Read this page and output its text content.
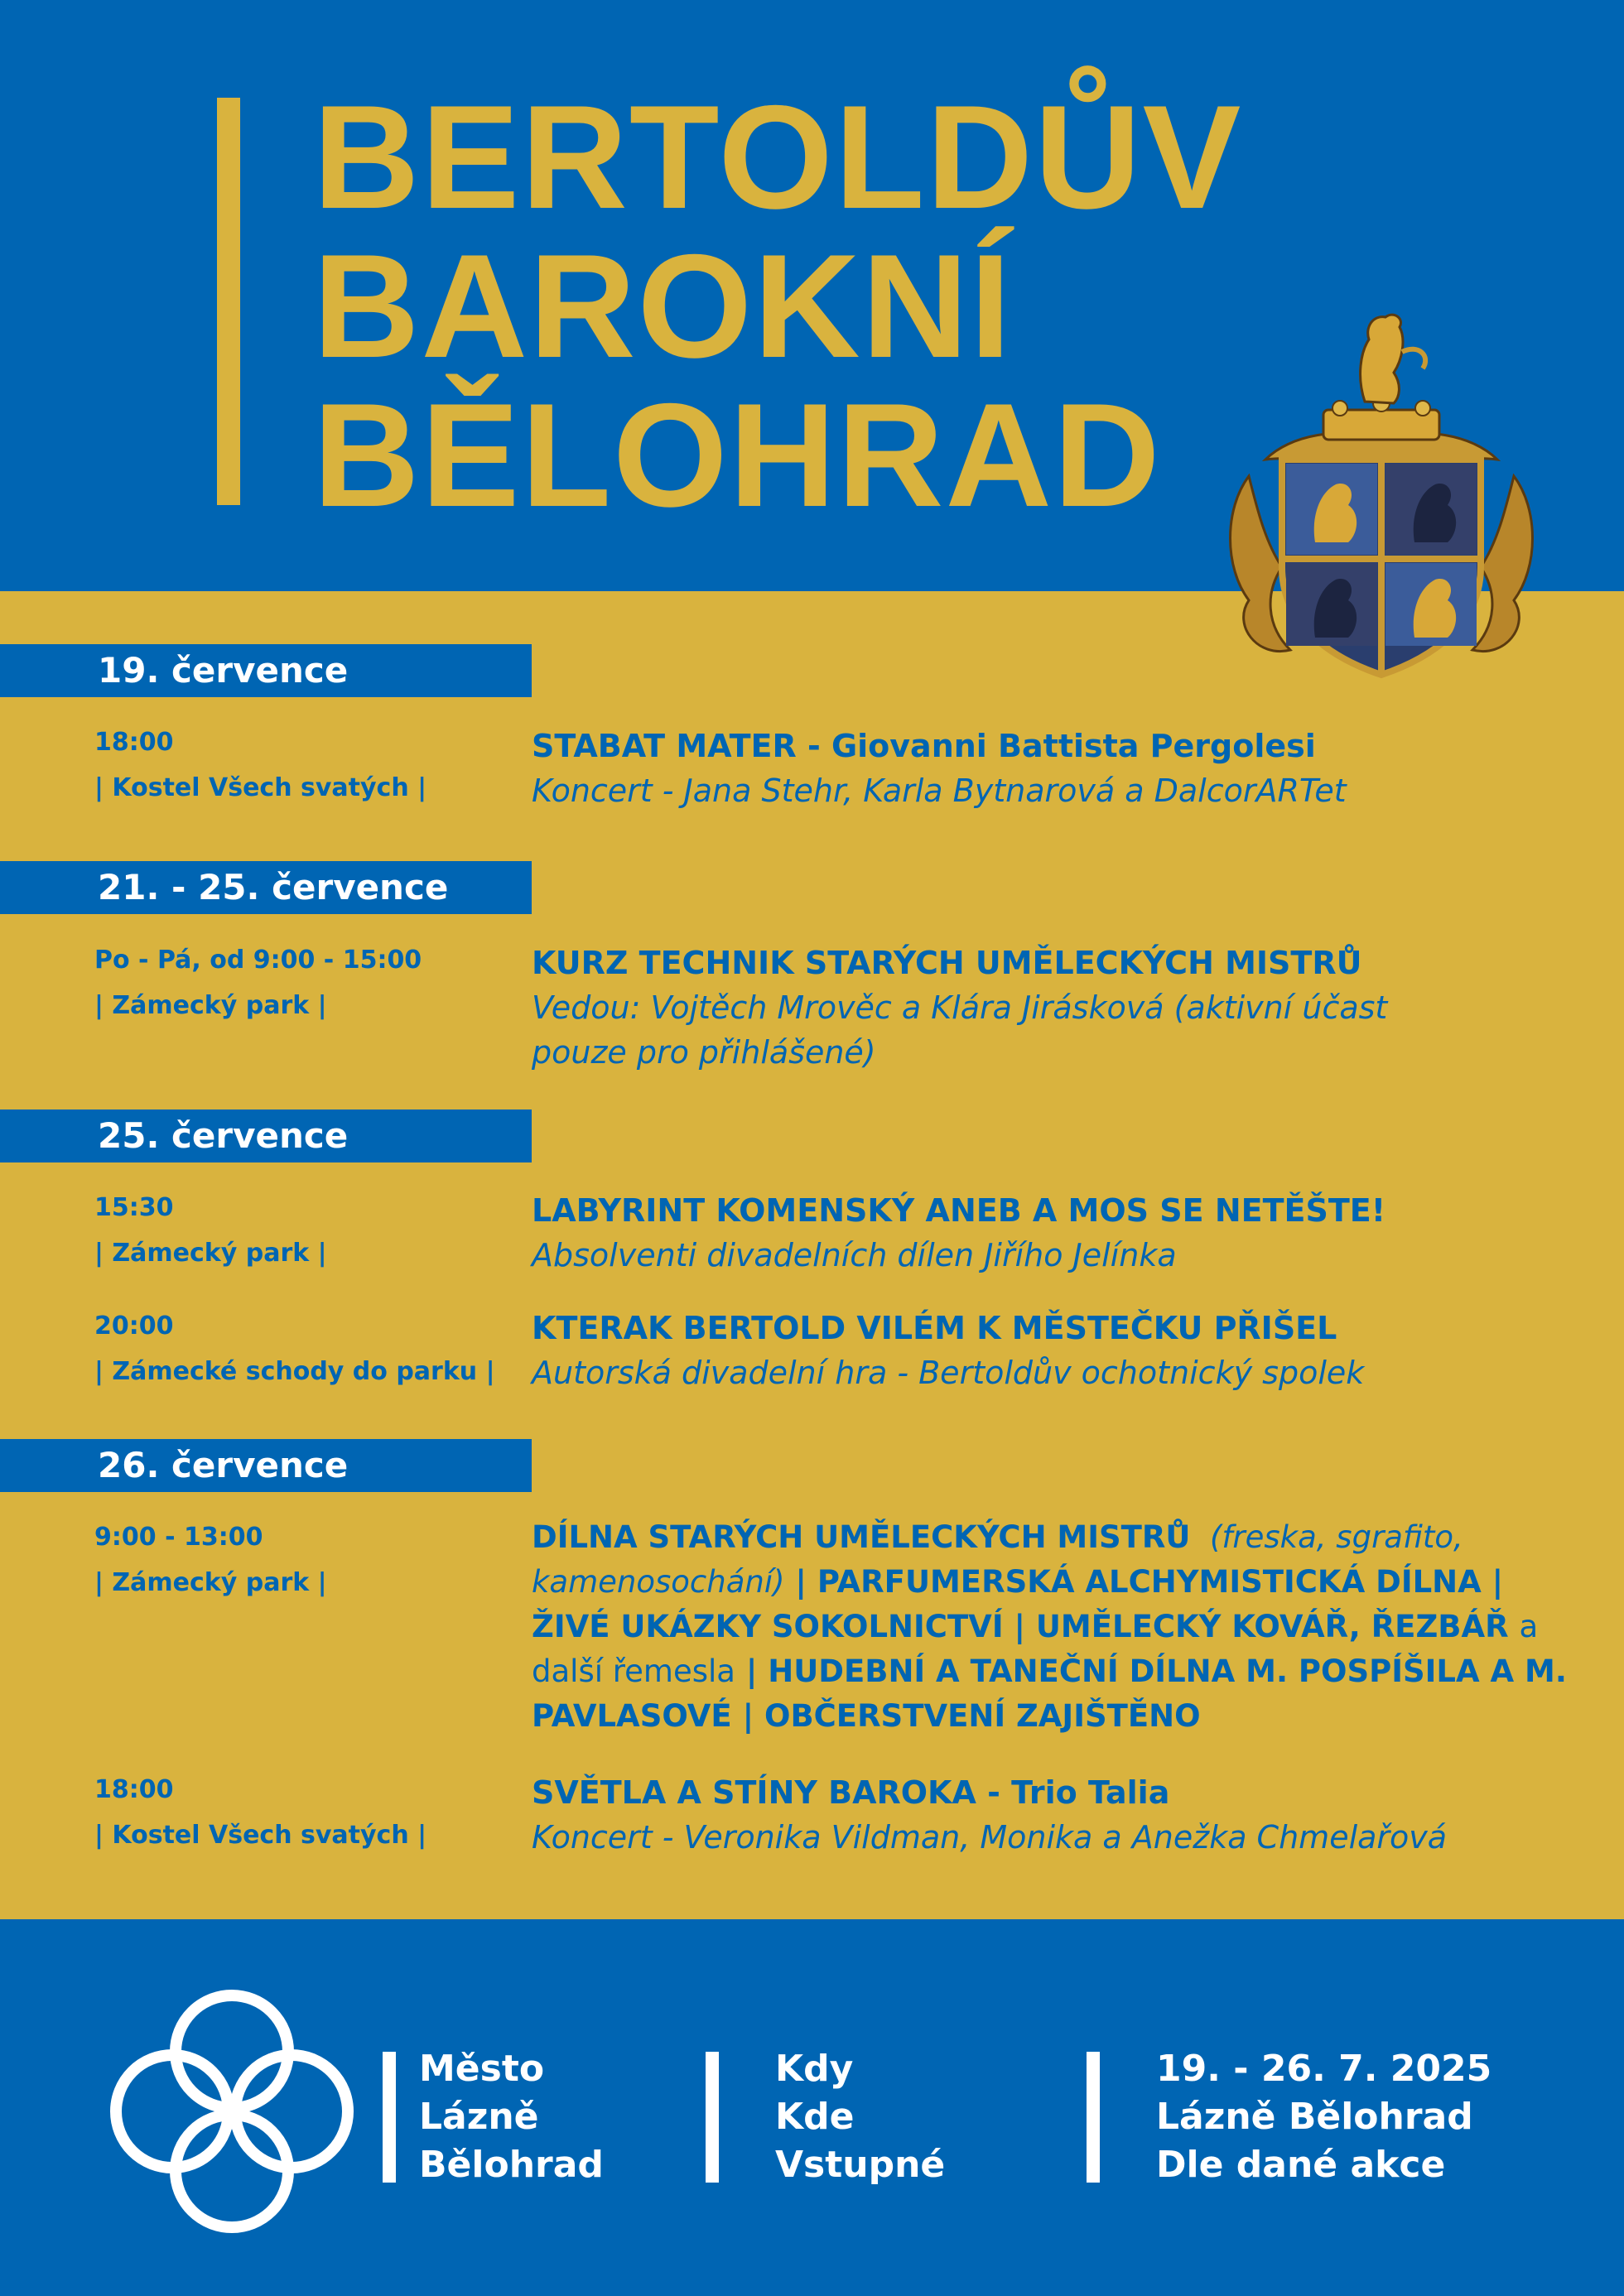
BERTOLDŮV
BAROKNÍ
BĚLOHRAD
19. července
21. - 25. července
25. července
26. července
18:00
| Kostel Všech svatých |
STABAT MATER - Giovanni Battista Pergolesi
Koncert - Jana Stehr, Karla Bytnarová a DalcorARTet
Po - Pá, od 9:00 - 15:00
| Zámecký park |
KURZ TECHNIK STARÝCH UMĚLECKÝCH MISTRŮ
Vedou: Vojtěch Mrověc a Klára Jirásková (aktivní účast pouze pro přihlášené)
15:30
| Zámecký park |
LABYRINT KOMENSKÝ ANEB A MOS SE NETĚŠTE!
Absolventi divadelních dílen Jiřího Jelínka
20:00
| Zámecké schody do parku |
KTERAK BERTOLD VILÉM K MĚSTEČKU PŘIŠEL
Autorská divadelní hra - Bertoldův ochotnický spolek
9:00 - 13:00
| Zámecký park |
DÍLNA STARÝCH UMĚLECKÝCH MISTRŮ (freska, sgrafito, kamenosochání) | PARFUMERSKÁ ALCHYMISTICKÁ DÍLNA | ŽIVÉ UKÁZKY SOKOLNICTVÍ | UMĚLECKÝ KOVÁŘ, ŘEZBÁŘ a další řemesla | HUDEBNÍ A TANEČNÍ DÍLNA M. POSPÍŠILA A M. PAVLASOVÉ | OBČERSTVENÍ ZAJIŠTĚNO
18:00
| Kostel Všech svatých |
SVĚTLA A STÍNY BAROKA - Trio Talia
Koncert - Veronika Vildman, Monika a Anežka Chmelařová
Město
Lázně
Bělohrad
Kdy
Kde
Vstupné
19. - 26. 7. 2025
Lázně Bělohrad
Dle dané akce
